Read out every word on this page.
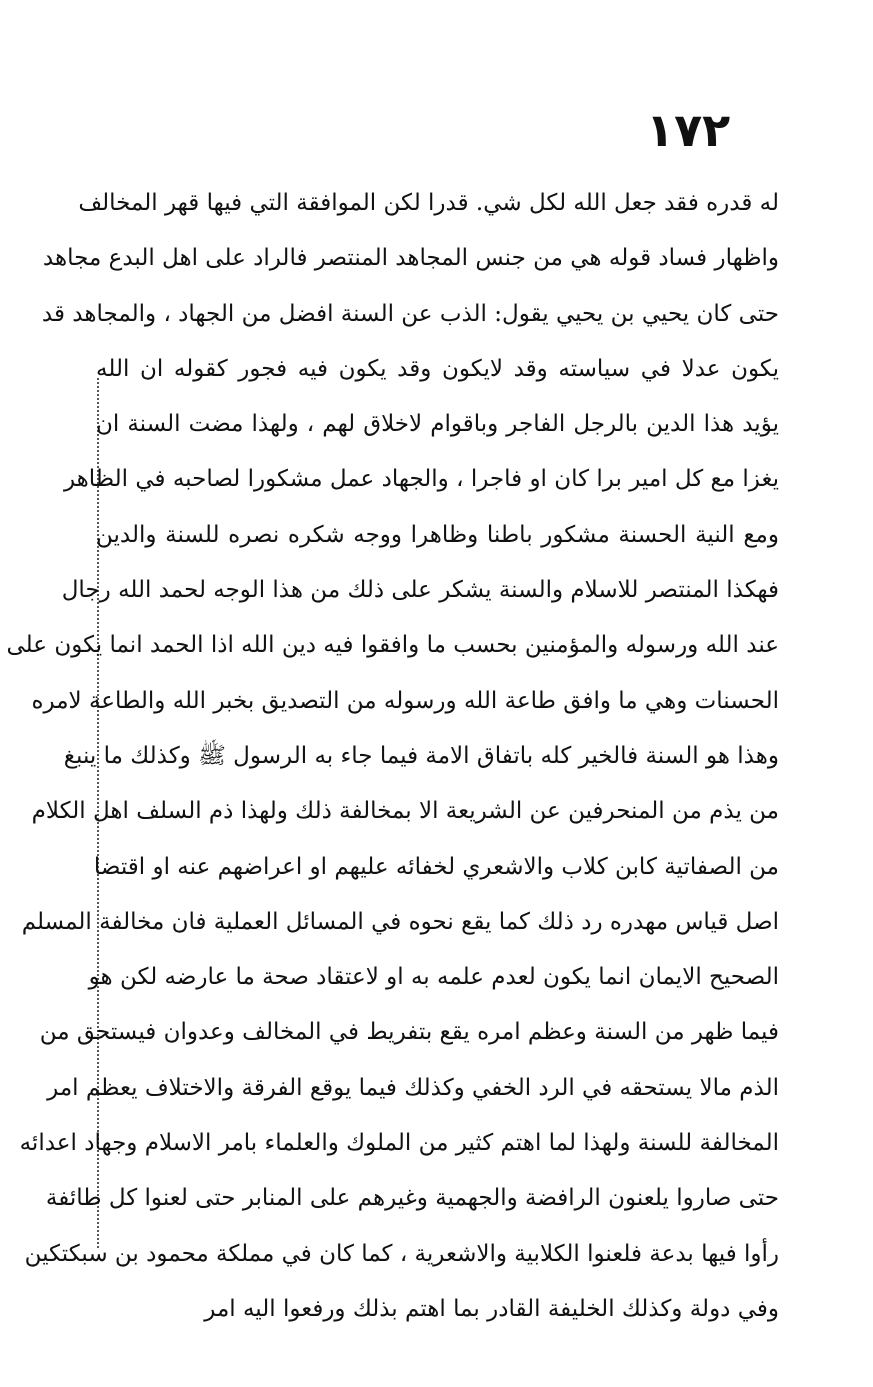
١٧٢
له قدره فقد جعل الله لكل شي. قدرا لكن الموافقة التي فيها قهر المخالف
واظهار فساد قوله هي من جنس المجاهد المنتصر فالراد على اهل البدع مجاهد
حتى كان يحيي بن يحيي يقول: الذب عن السنة افضل من الجهاد ، والمجاهد قد
يكون عدلا في سياسته وقد لايكون وقد يكون فيه فجور كقوله ان الله
يؤيد هذا الدين بالرجل الفاجر وباقوام لاخلاق لهم ، ولهذا مضت السنة ان
يغزا مع كل امير برا كان او فاجرا ، والجهاد عمل مشكورا لصاحبه في الظاهر
ومع النية الحسنة مشكور باطنا وظاهرا ووجه شكره نصره للسنة والدين
فهكذا المنتصر للاسلام والسنة يشكر على ذلك من هذا الوجه لحمد الله رجال
عند الله ورسوله والمؤمنين بحسب ما وافقوا فيه دين الله اذا الحمد انما يكون على
الحسنات وهي ما وافق طاعة الله ورسوله من التصديق بخبر الله والطاعة لامره
وهذا هو السنة فالخير كله باتفاق الامة فيما جاء به الرسول ﷺ وكذلك ما ينبغ
من يذم من المنحرفين عن الشريعة الا بمخالفة ذلك ولهذا ذم السلف اهل الكلام
من الصفاتية كابن كلاب والاشعري لخفائه عليهم او اعراضهم عنه او اقتضا
اصل قياس مهدره رد ذلك كما يقع نحوه في المسائل العملية فان مخالفة المسلم
الصحيح الايمان انما يكون لعدم علمه به او لاعتقاد صحة ما عارضه لكن هو
فيما ظهر من السنة وعظم امره يقع بتفريط في المخالف وعدوان فيستحق من
الذم مالا يستحقه في الرد الخفي وكذلك فيما يوقع الفرقة والاختلاف يعظم امر
المخالفة للسنة ولهذا لما اهتم كثير من الملوك والعلماء بامر الاسلام وجهاد اعدائه
حتى صاروا يلعنون الرافضة والجهمية وغيرهم على المنابر حتى لعنوا كل طائفة
رأوا فيها بدعة فلعنوا الكلابية والاشعرية ، كما كان في مملكة محمود بن سبكتكين
وفي دولة وكذلك الخليفة القادر بما اهتم بذلك ورفعوا اليه امر
